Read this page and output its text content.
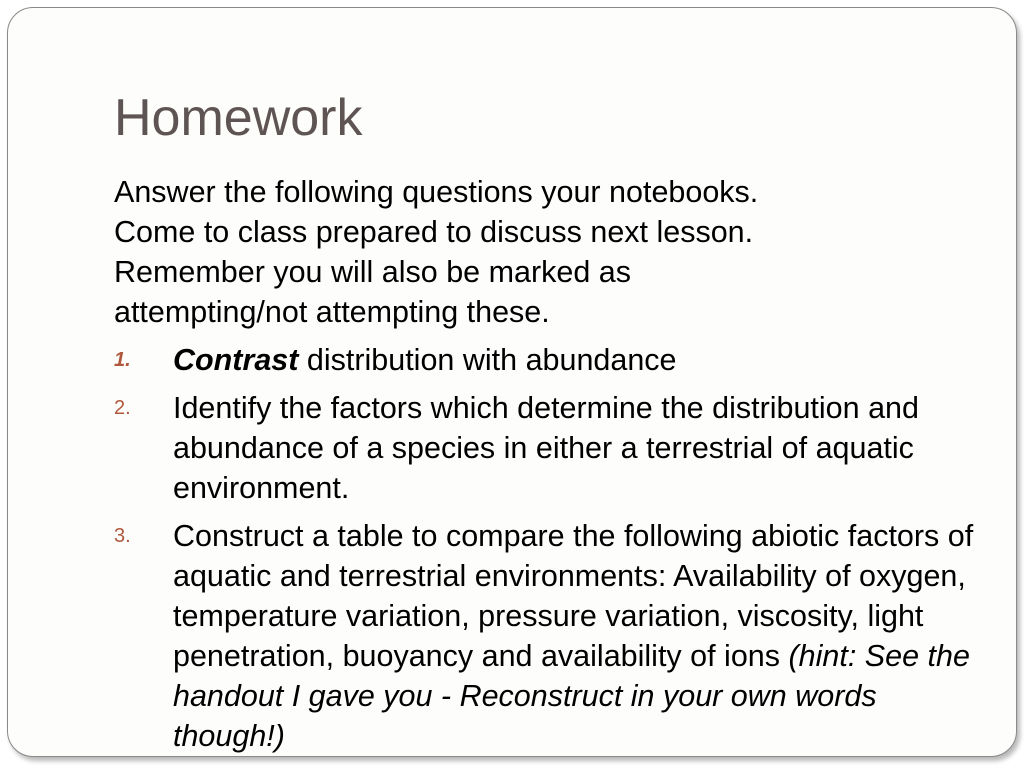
Homework

Answer the following questions your notebooks.
Come to class prepared to discuss next lesson.
Remember you will also be marked as
attempting/not attempting these.

1.	Contrast distribution with abundance
2.	Identify the factors which determine the distribution and abundance of a species in either a terrestrial of aquatic environment.
3.	Construct a table to compare the following abiotic factors of aquatic and terrestrial environments: Availability of oxygen, temperature variation, pressure variation, viscosity, light penetration, buoyancy and availability of ions (hint: See the handout I gave you - Reconstruct in your own words though!)
